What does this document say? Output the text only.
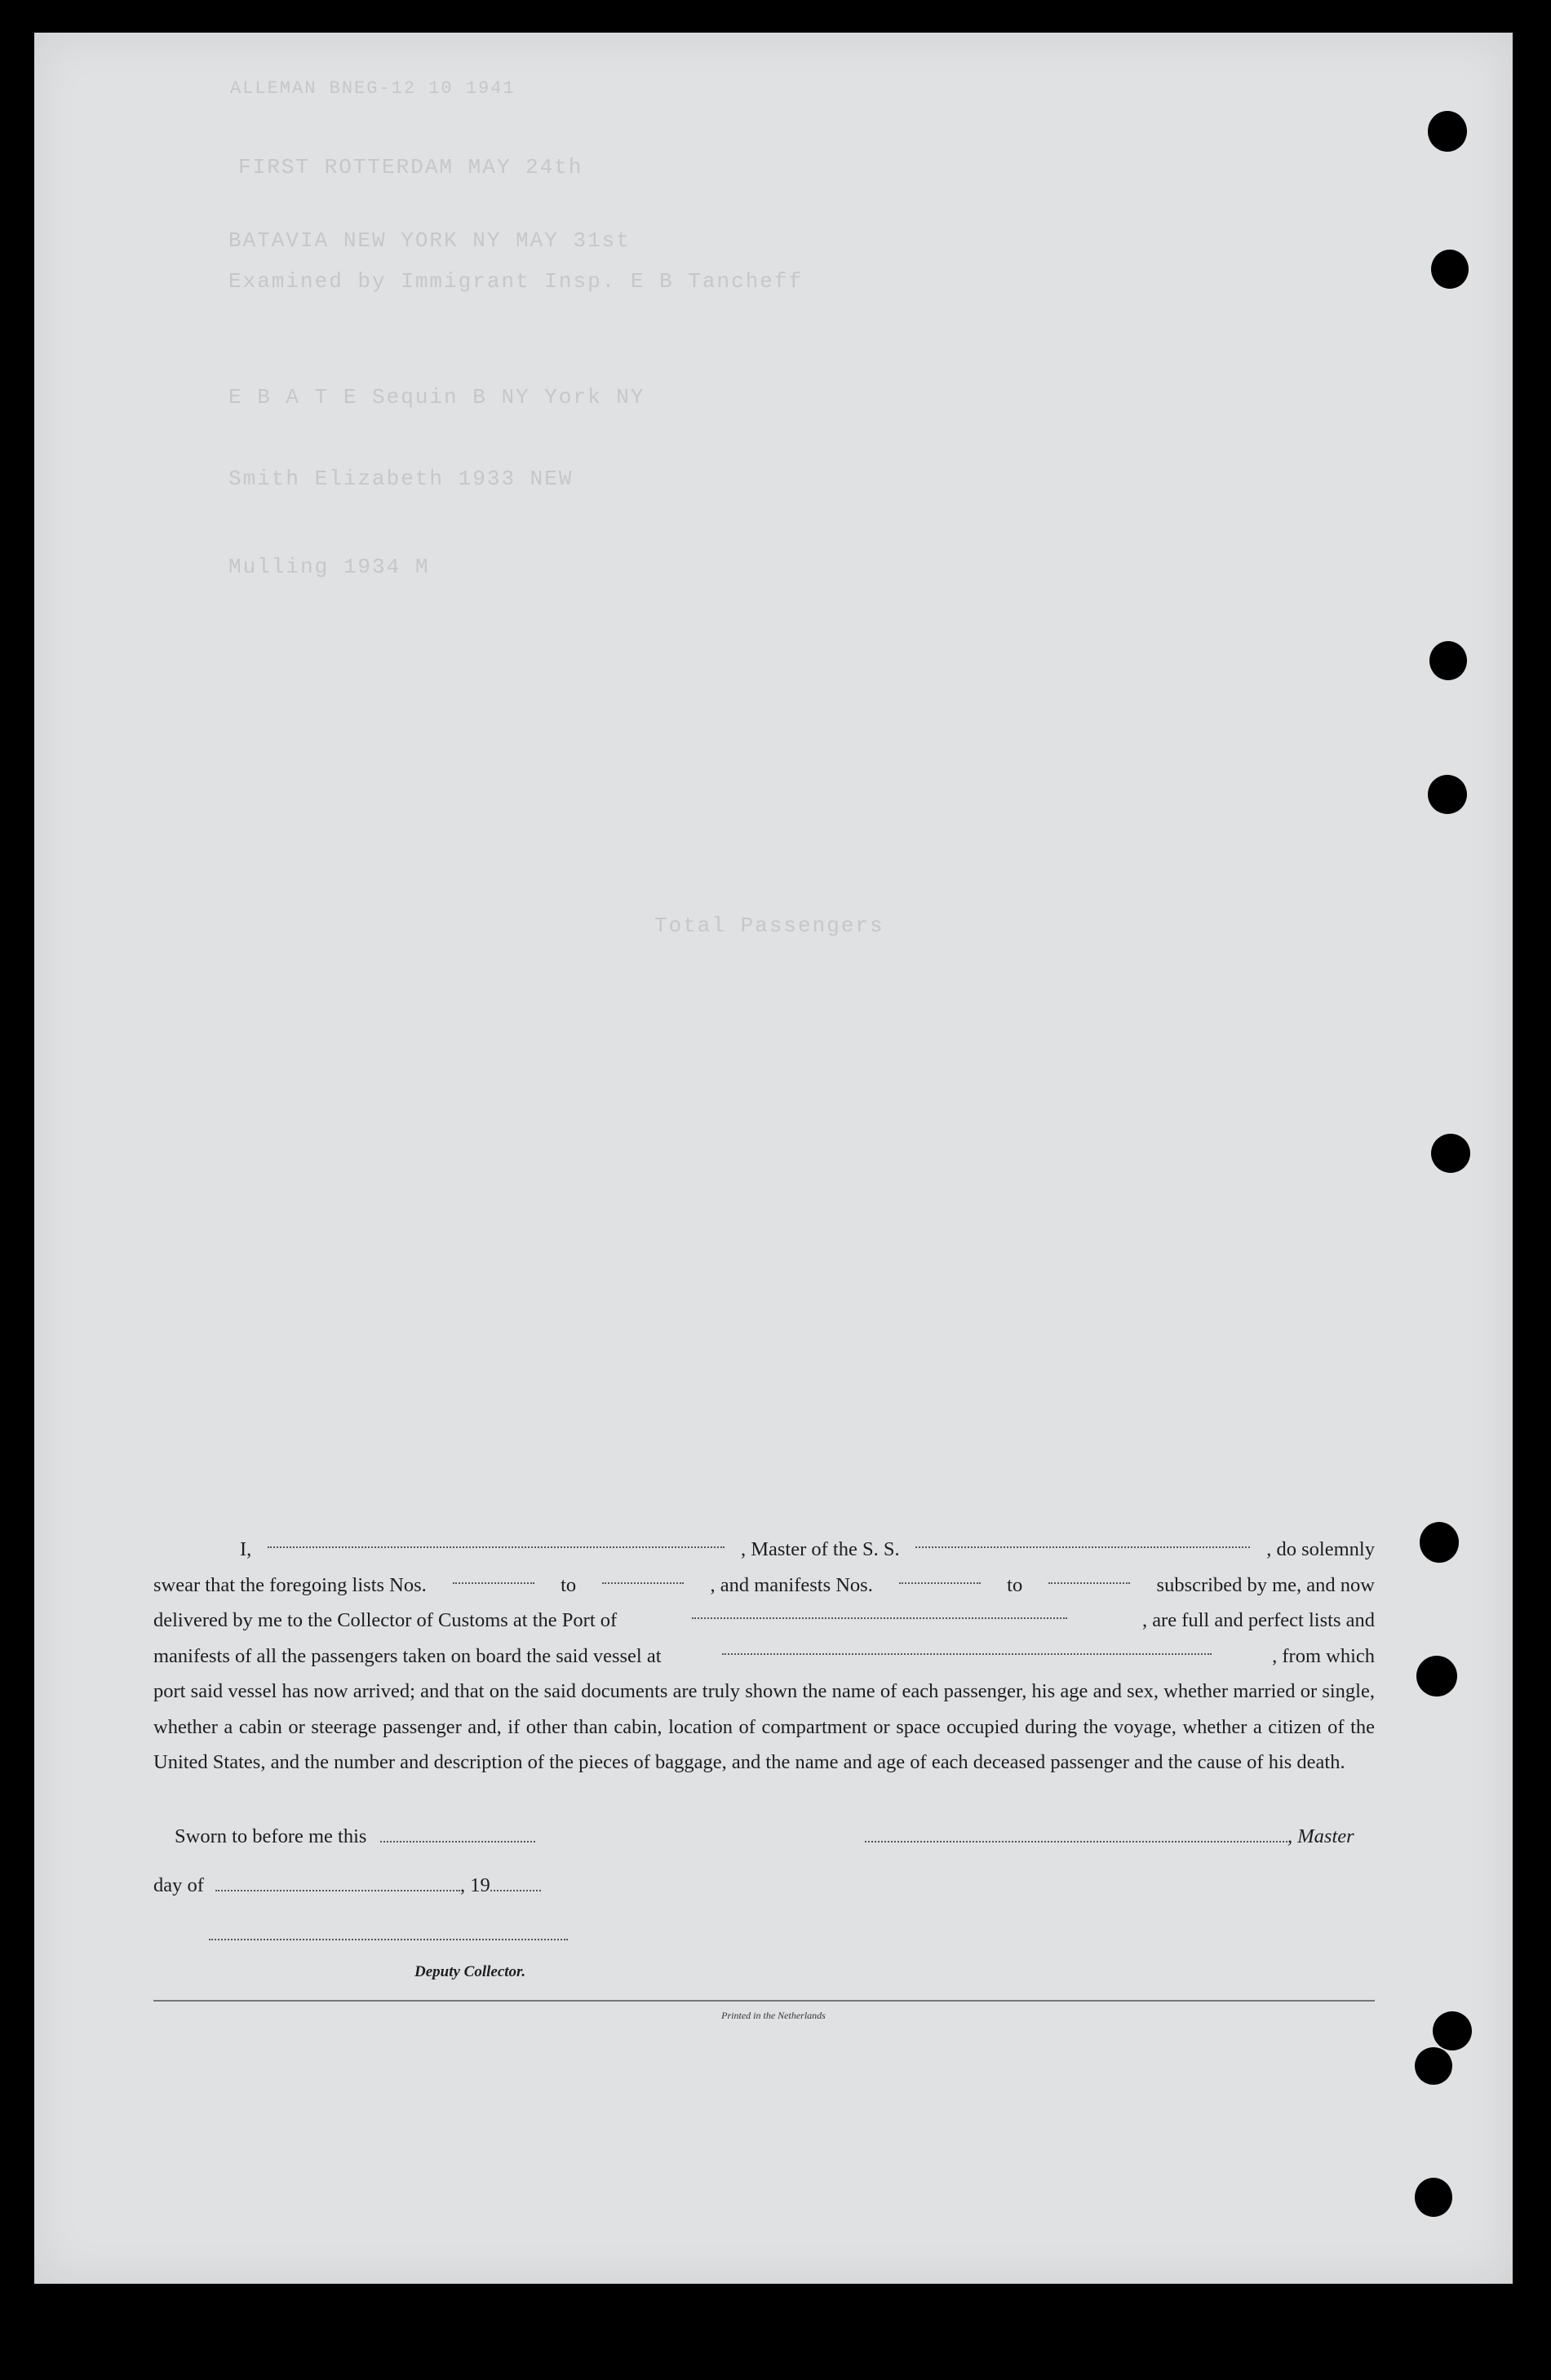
ALLEMAN BNEG-12 10 1941
FIRST ROTTERDAM MAY 24th
BATAVIA NEW YORK NY MAY 31st
Examined by Immigrant Insp. E B Tancheff
E B A T E Sequin B NY York NY
Smith Elizabeth 1933 NEW
Mulling 1934 M
Total Passengers
I,	, Master of the S. S.	, do solemnly
swear that the foregoing lists Nos.	to	, and manifests Nos.	to	subscribed by me, and now
delivered by me to the Collector of Customs at the Port of	, are full and perfect lists and
manifests of all the passengers taken on board the said vessel at	, from which

port said vessel has now arrived; and that on the said documents are truly shown the name of each passenger, his age and sex, whether married or single, whether a cabin or steerage passenger and, if other than cabin, location of compartment or space occupied during the voyage, whether a citizen of the United States, and the number and description of the pieces of baggage, and the name and age of each deceased passenger and the cause of his death.

Sworn to before me this	, Master
day of	, 19
Deputy Collector.
Printed in the Netherlands
